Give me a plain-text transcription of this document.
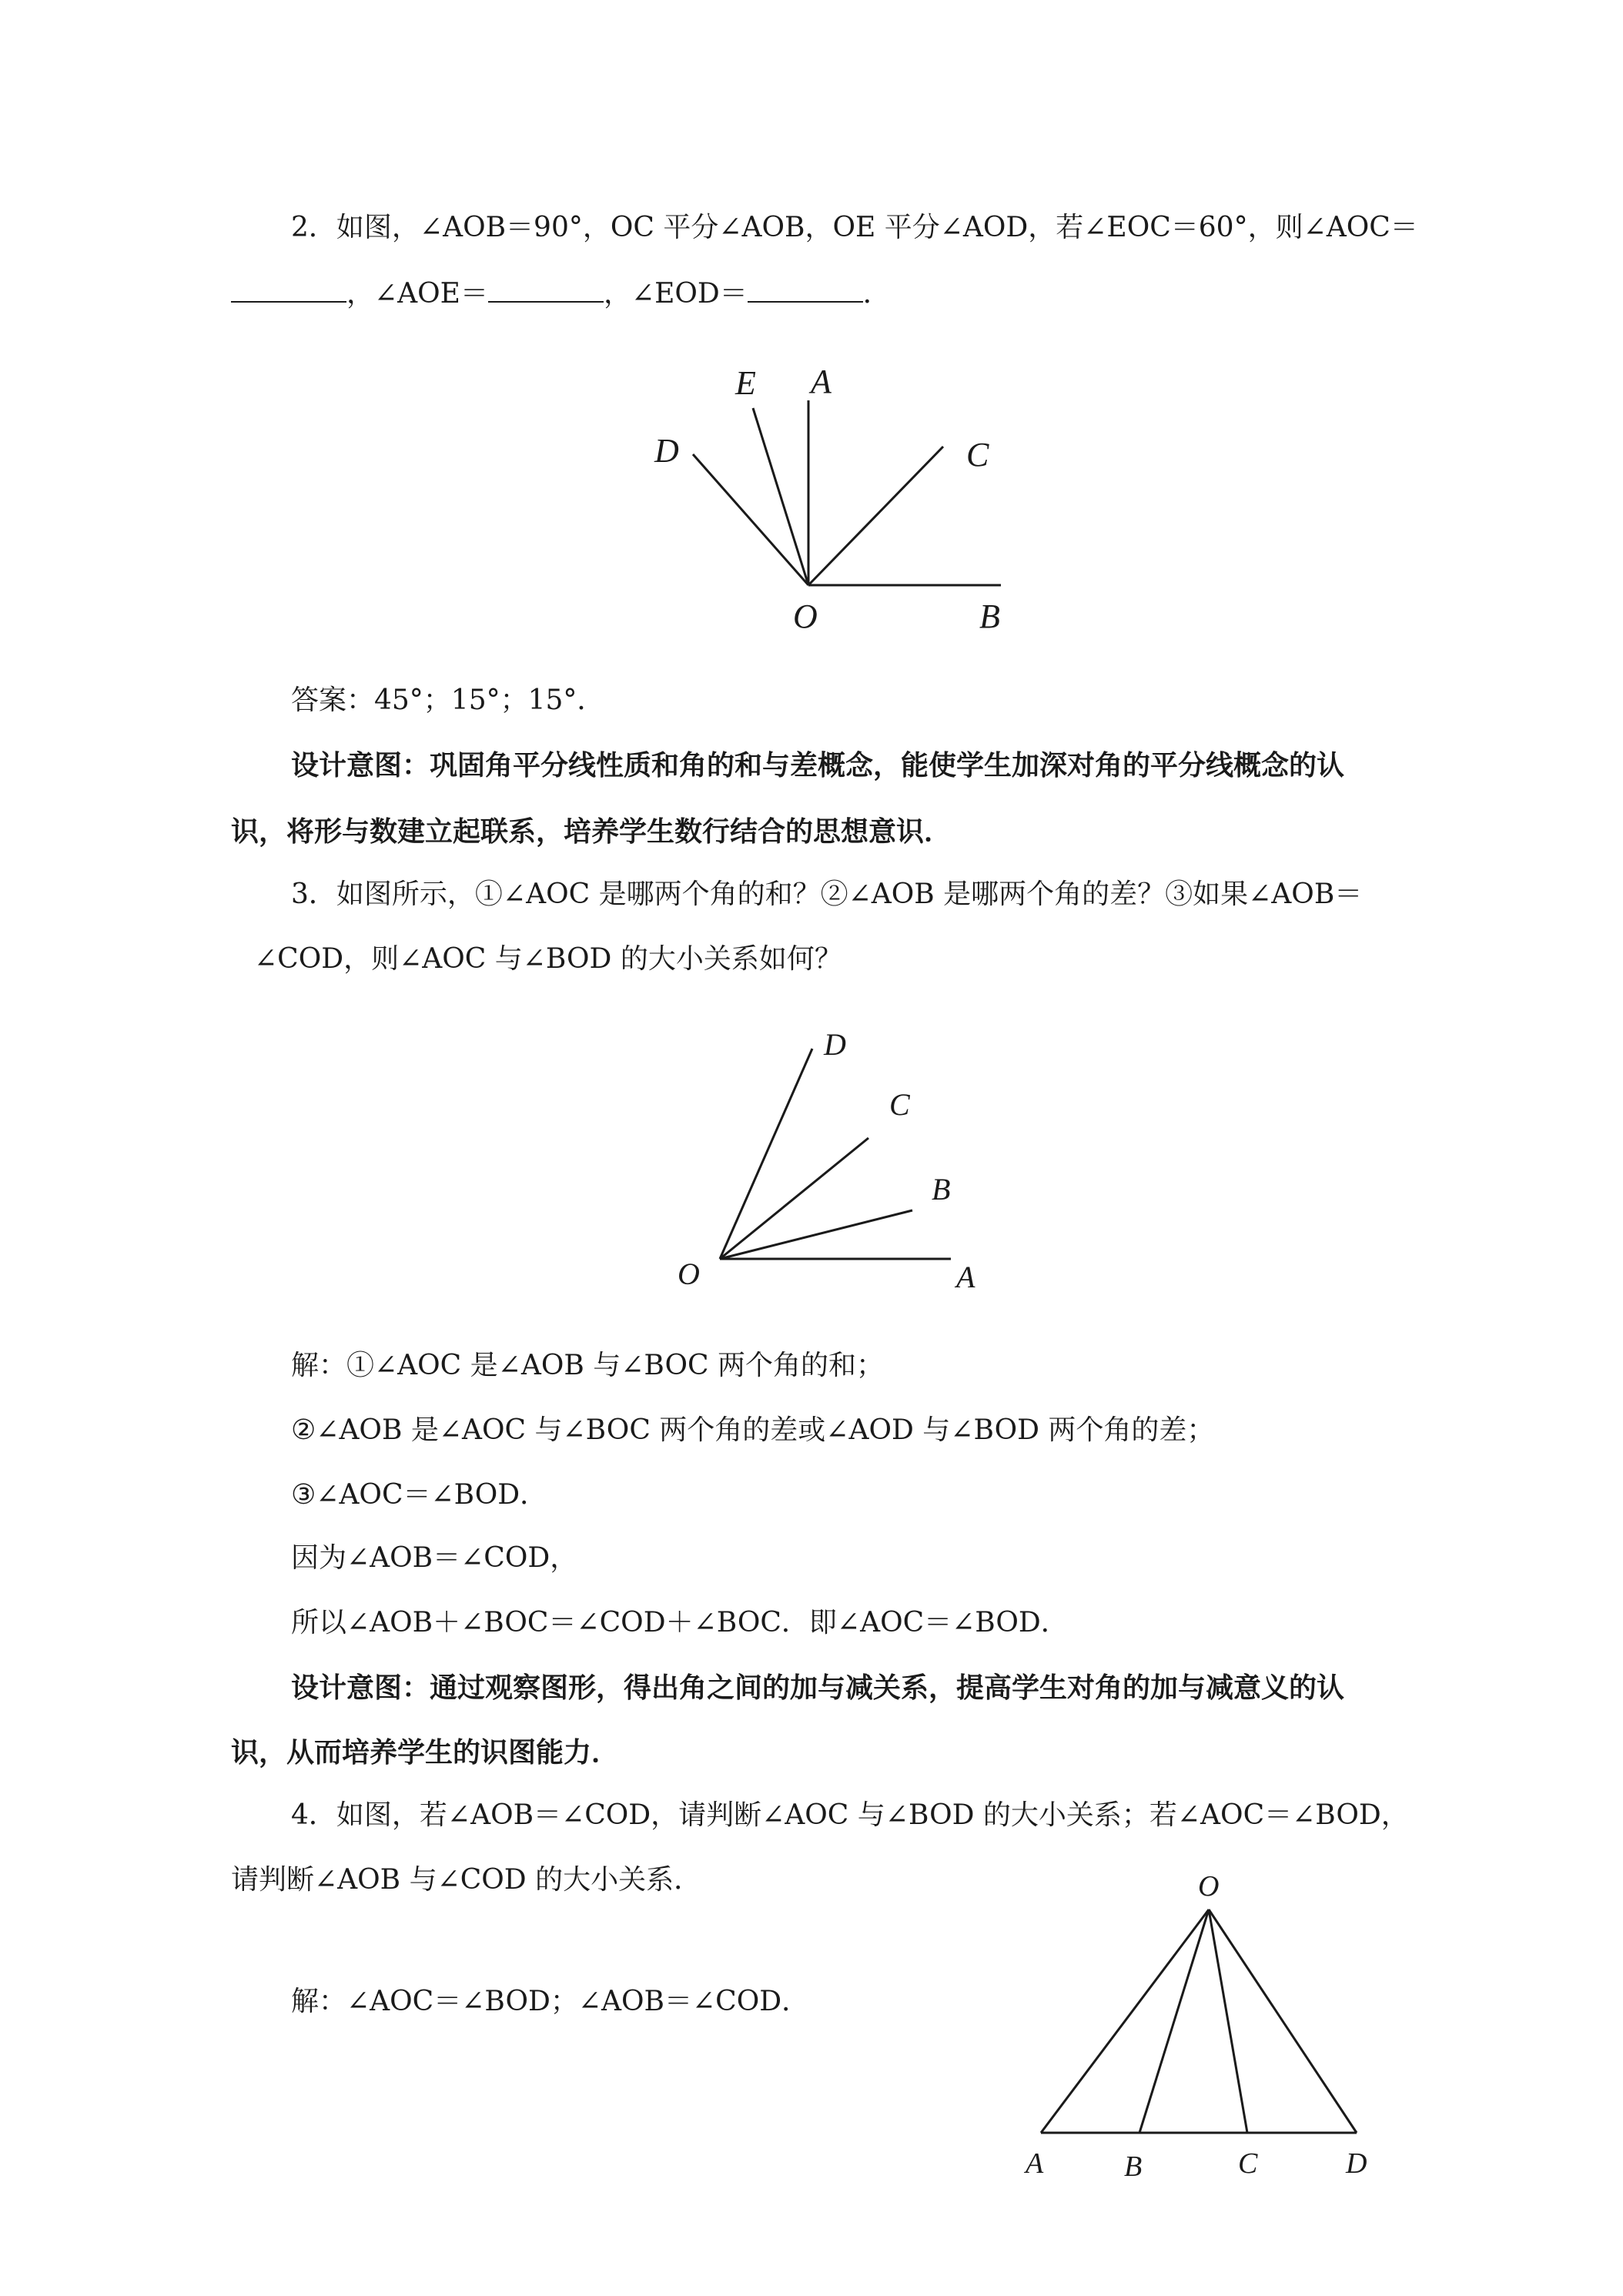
2．如图，∠AOB＝90°，OC 平分∠AOB，OE 平分∠AOD，若∠EOC＝60°，则∠AOC＝
，∠AOE＝	，∠EOD＝	．
E A
D	C
O	B
答案：45°；15°；15°．
设计意图：巩固角平分线性质和角的和与差概念，能使学生加深对角的平分线概念的认
识，将形与数建立起联系，培养学生数行结合的思想意识．
3．如图所示，①∠AOC 是哪两个角的和？②∠AOB 是哪两个角的差？③如果∠AOB＝
∠COD，则∠AOC 与∠BOD 的大小关系如何？
D
C
B
O	A
解：①∠AOC 是∠AOB 与∠BOC 两个角的和；
②∠AOB 是∠AOC 与∠BOC 两个角的差或∠AOD 与∠BOD 两个角的差；
③∠AOC＝∠BOD．
因为∠AOB＝∠COD，
所以∠AOB＋∠BOC＝∠COD＋∠BOC．即∠AOC＝∠BOD．
设计意图：通过观察图形，得出角之间的加与减关系，提高学生对角的加与减意义的认
识，从而培养学生的识图能力．
4．如图，若∠AOB＝∠COD，请判断∠AOC 与∠BOD 的大小关系；若∠AOC＝∠BOD，
请判断∠AOB 与∠COD 的大小关系．
解：∠AOC＝∠BOD；∠AOB＝∠COD．
O
A	B	C	D
